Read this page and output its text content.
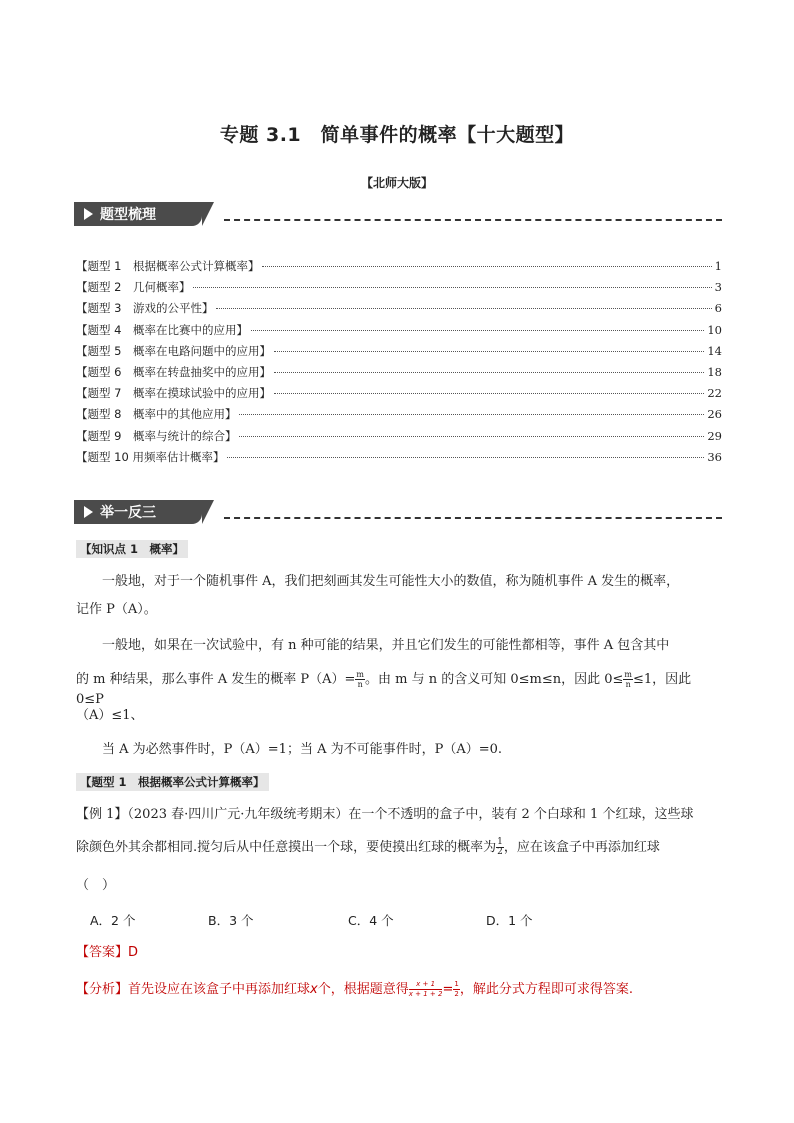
专题 3.1　简单事件的概率【十大题型】
【北师大版】
题型梳理
【题型 1　根据概率公式计算概率】	1
【题型 2　几何概率】	3
【题型 3　游戏的公平性】	6
【题型 4　概率在比赛中的应用】	10
【题型 5　概率在电路问题中的应用】	14
【题型 6　概率在转盘抽奖中的应用】	18
【题型 7　概率在摸球试验中的应用】	22
【题型 8　概率中的其他应用】	26
【题型 9　概率与统计的综合】	29
【题型 10 用频率估计概率】	36
举一反三
【知识点 1　概率】
一般地，对于一个随机事件 A，我们把刻画其发生可能性大小的数值，称为随机事件 A 发生的概率，
记作 P（A）。
一般地，如果在一次试验中，有 n 种可能的结果，并且它们发生的可能性都相等，事件 A 包含其中
的 m 种结果，那么事件 A 发生的概率 $P(A)= \frac{m}{n}$ 。由 m 与 n 的含义可知 0≤m≤n，因此 $0\le \frac{m}{n} \le 1$，因此 0≤P
（A）≤1、
当 A 为必然事件时，P（A）=1；当 A 为不可能事件时，P（A）=0.
【题型 1　根据概率公式计算概率】
【例 1】（2023 春·四川广元·九年级统考期末）在一个不透明的盒子中，装有 2 个白球和 1 个红球，这些球
除颜色外其余都相同.搅匀后从中任意摸出一个球，要使摸出红球的概率为 $\frac{1}{2}$ ，应在该盒子中再添加红球
（　）
A．2 个	B．3 个	C．4 个	D．1 个
【答案】D
【分析】首先设应在该盒子中再添加红球x个，根据题意得 $\frac{x + 1}{x + 1 + 2} = \frac{1}{2}$ ，解此分式方程即可求得答案.
